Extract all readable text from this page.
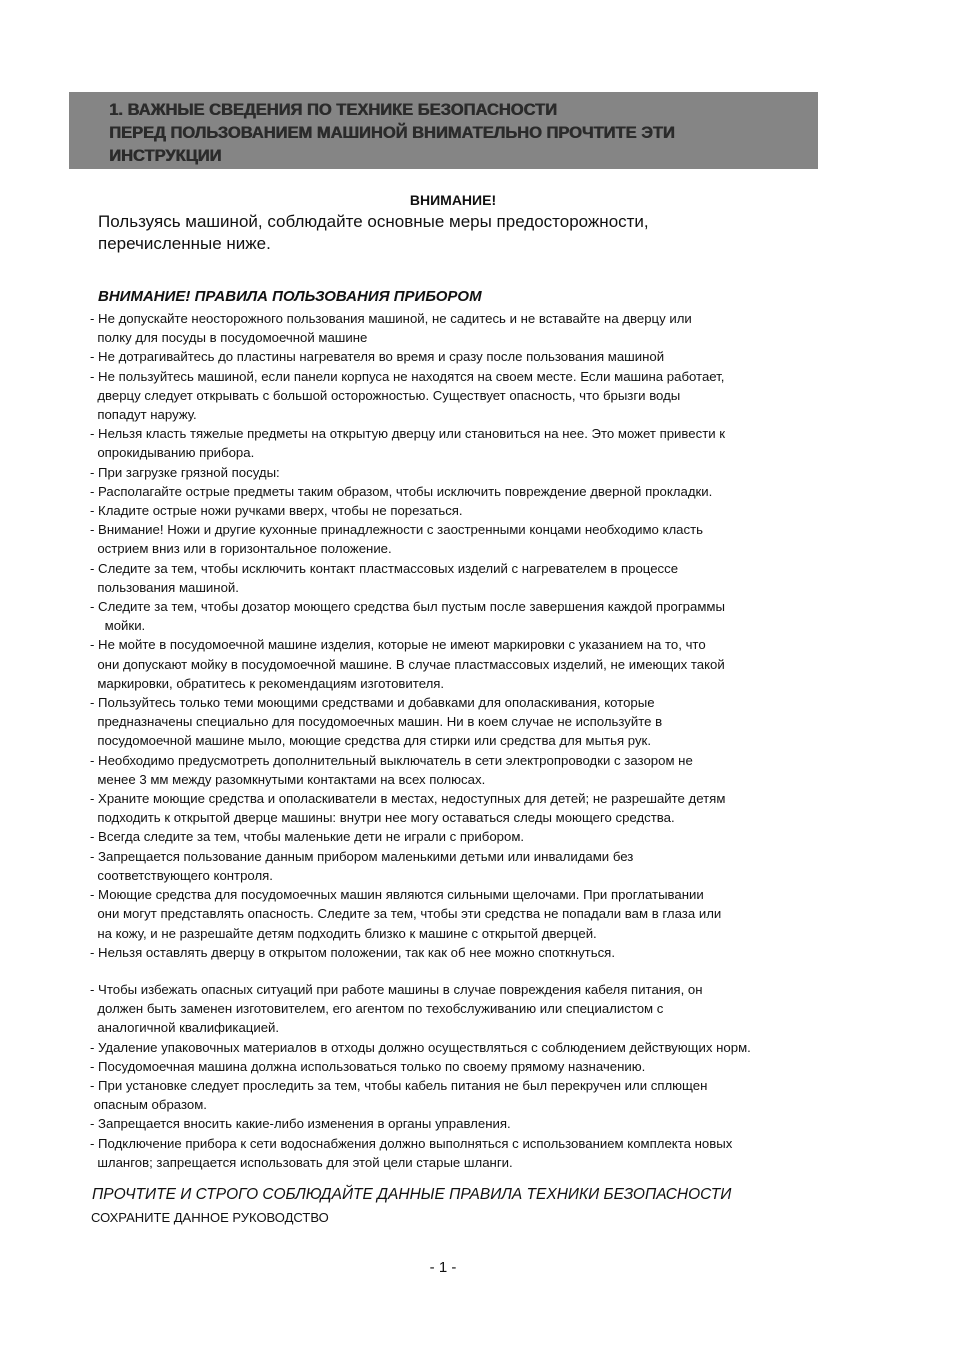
1. ВАЖНЫЕ СВЕДЕНИЯ ПО ТЕХНИКЕ БЕЗОПАСНОСТИ
ПЕРЕД ПОЛЬЗОВАНИЕМ МАШИНОЙ ВНИМАТЕЛЬНО ПРОЧТИТЕ ЭТИ
ИНСТРУКЦИИ
ВНИМАНИЕ!
Пользуясь машиной, соблюдайте основные меры предосторожности,
перечисленные ниже.
ВНИМАНИЕ! ПРАВИЛА ПОЛЬЗОВАНИЯ ПРИБОРОМ
- Не допускайте неосторожного пользования машиной, не садитесь и не вставайте на дверцу или
полку для посуды в посудомоечной машине
- Не дотрагивайтесь до пластины нагревателя во время и сразу после пользования машиной
- Не пользуйтесь машиной, если панели корпуса не находятся на своем месте. Если машина работает,
дверцу следует открывать с большой осторожностью. Существует опасность, что брызги воды
попадут наружу.
- Нельзя класть тяжелые предметы на открытую дверцу или становиться на нее. Это может привести к
опрокидыванию прибора.
- При загрузке грязной посуды:
- Располагайте острые предметы таким образом, чтобы исключить повреждение дверной прокладки.
- Кладите острые ножи ручками вверх, чтобы не порезаться.
- Внимание! Ножи и другие кухонные принадлежности с заостренными концами необходимо класть
острием вниз или в горизонтальное положение.
- Следите за тем, чтобы исключить контакт пластмассовых изделий с нагревателем в процессе
пользования машиной.
- Следите за тем, чтобы дозатор моющего средства был пустым после завершения каждой программы
мойки.
- Не мойте в посудомоечной машине изделия, которые не имеют маркировки с указанием на то, что
они допускают мойку в посудомоечной машине. В случае пластмассовых изделий, не имеющих такой
маркировки, обратитесь к рекомендациям изготовителя.
- Пользуйтесь только теми моющими средствами и добавками для ополаскивания, которые
предназначены специально для посудомоечных машин. Ни в коем случае не используйте в
посудомоечной машине мыло, моющие средства для стирки или средства для мытья рук.
- Необходимо предусмотреть дополнительный выключатель в сети электропроводки с зазором не
менее 3 мм между разомкнутыми контактами на всех полюсах.
- Храните моющие средства и ополаскиватели в местах, недоступных для детей; не разрешайте детям
подходить к открытой дверце машины: внутри нее могу оставаться следы моющего средства.
- Всегда следите за тем, чтобы маленькие дети не играли с прибором.
- Запрещается пользование данным прибором маленькими детьми или инвалидами без
соответствующего контроля.
- Моющие средства для посудомоечных машин являются сильными щелочами. При проглатывании
они могут представлять опасность. Следите за тем, чтобы эти средства не попадали вам в глаза или
на кожу, и не разрешайте детям подходить близко к машине с открытой дверцей.
- Нельзя оставлять дверцу в открытом положении, так как об нее можно споткнуться.
- Чтобы избежать опасных ситуаций при работе машины в случае повреждения кабеля питания, он
должен быть заменен изготовителем, его агентом по техобслуживанию или специалистом с
аналогичной квалификацией.
- Удаление упаковочных материалов в отходы должно осуществляться с соблюдением действующих норм.
- Посудомоечная машина должна использоваться только по своему прямому назначению.
- При установке следует проследить за тем, чтобы кабель питания не был перекручен или сплющен
опасным образом.
- Запрещается вносить какие-либо изменения в органы управления.
- Подключение прибора к сети водоснабжения должно выполняться с использованием комплекта новых
шлангов; запрещается использовать для этой цели старые шланги.
ПРОЧТИТЕ И СТРОГО СОБЛЮДАЙТЕ ДАННЫЕ ПРАВИЛА ТЕХНИКИ БЕЗОПАСНОСТИ
СОХРАНИТЕ ДАННОЕ РУКОВОДСТВО
- 1 -
